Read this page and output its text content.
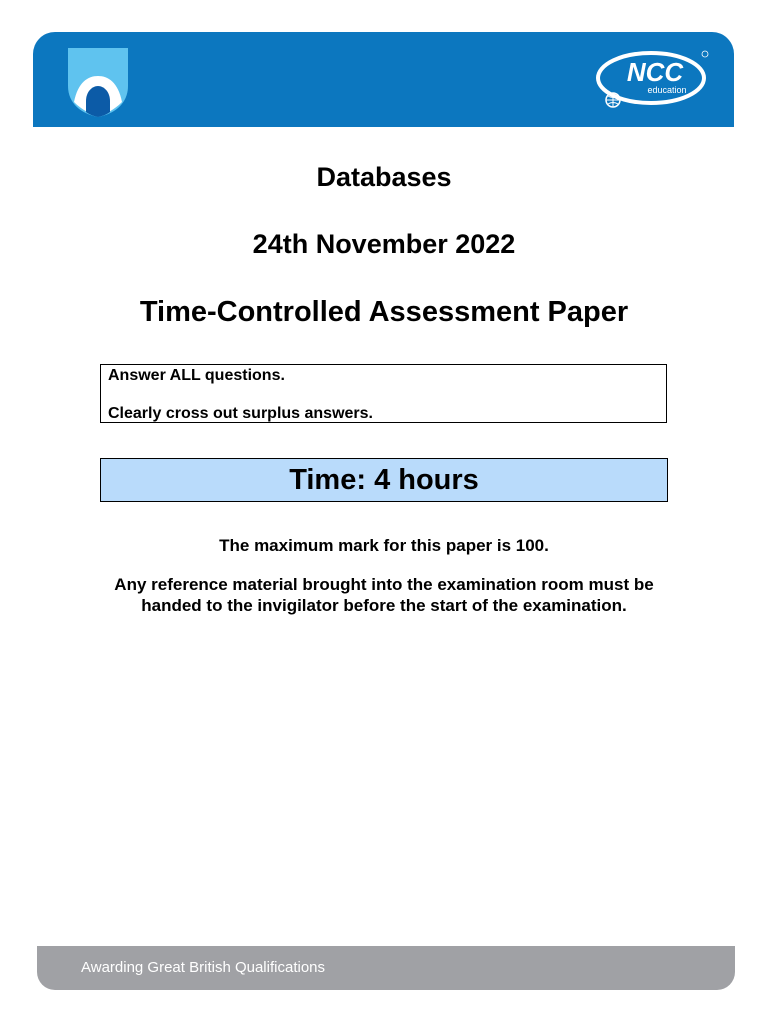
NCC
education
Databases
24th November 2022
Time-Controlled Assessment Paper
Answer ALL questions.
Clearly cross out surplus answers.
Time: 4 hours
The maximum mark for this paper is 100.
Any reference material brought into the examination room must be
handed to the invigilator before the start of the examination.
Awarding Great British Qualifications
